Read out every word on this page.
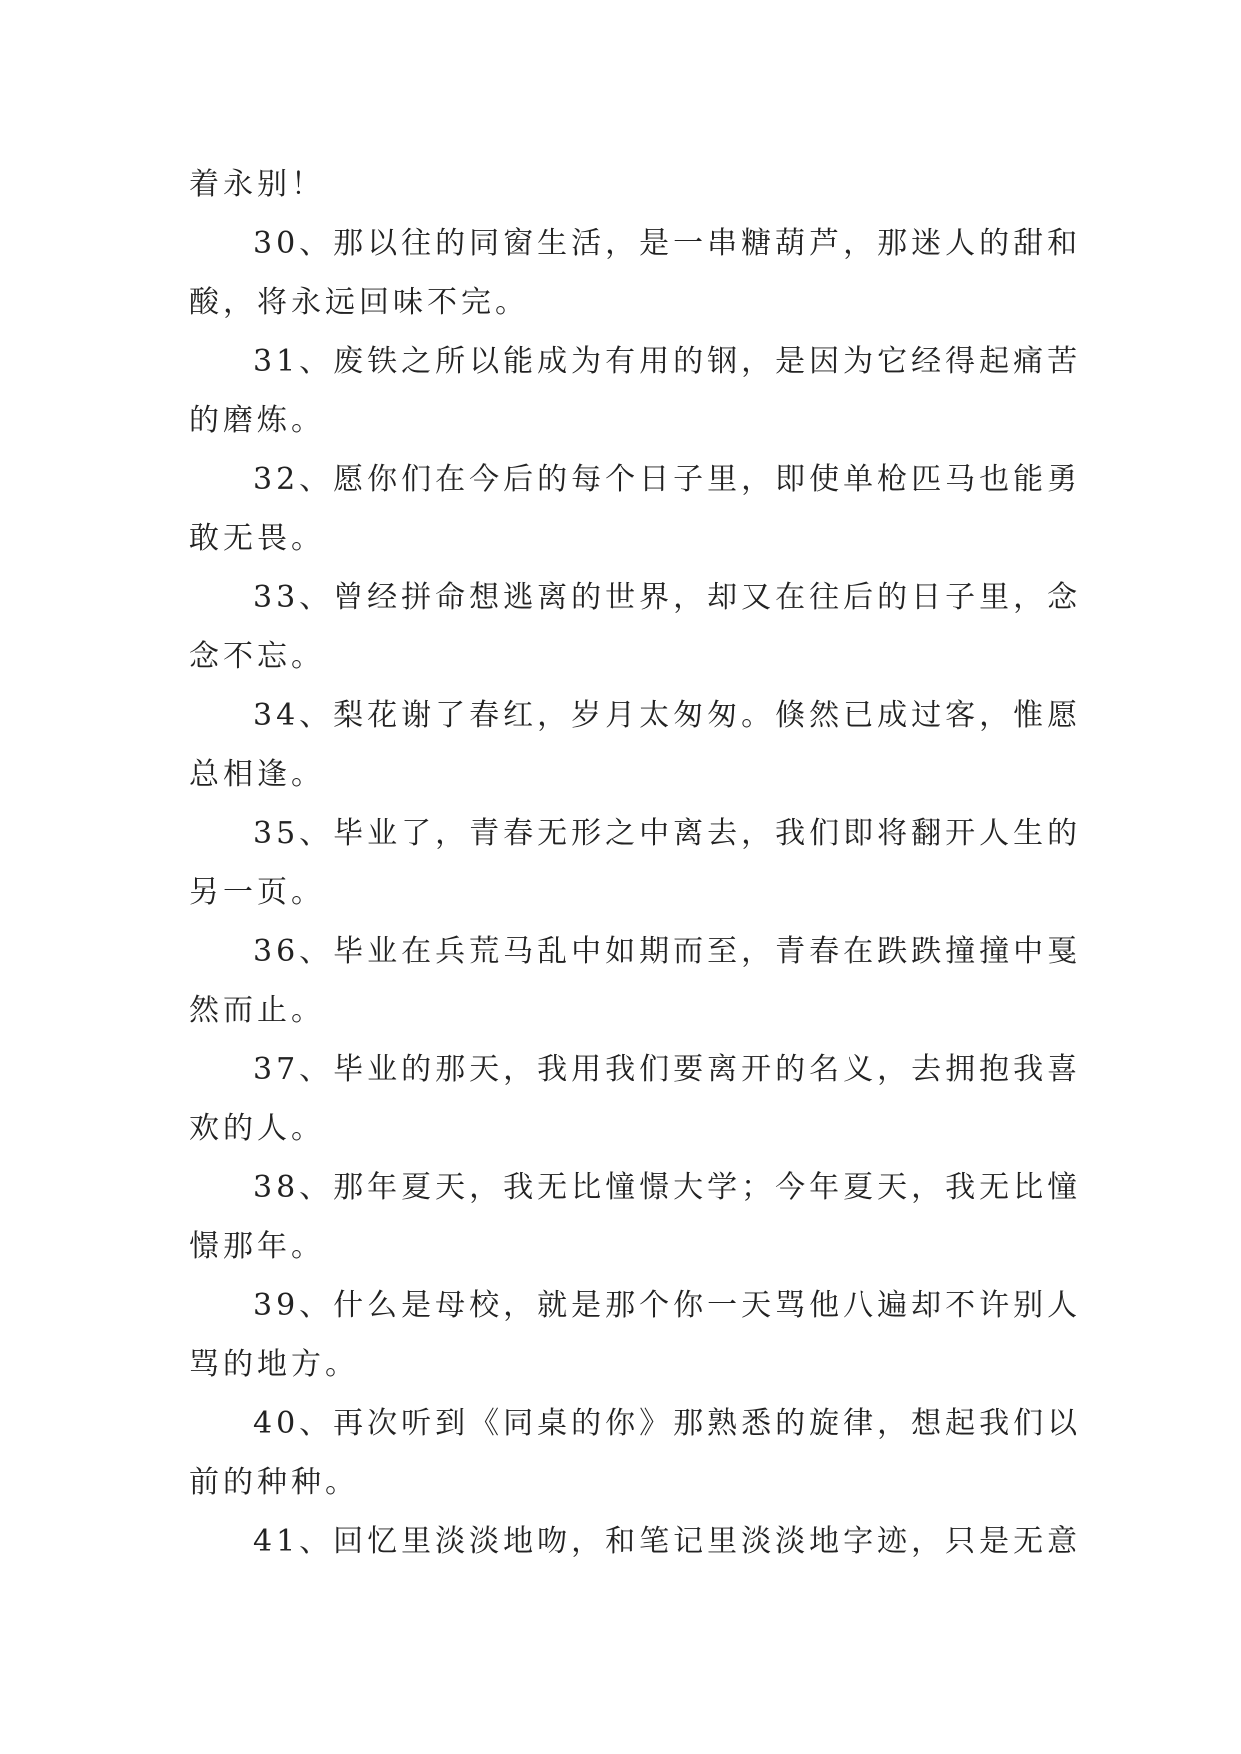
着永别！
30、那以往的同窗生活，是一串糖葫芦，那迷人的甜和
酸，将永远回味不完。
31、废铁之所以能成为有用的钢，是因为它经得起痛苦
的磨炼。
32、愿你们在今后的每个日子里，即使单枪匹马也能勇
敢无畏。
33、曾经拼命想逃离的世界，却又在往后的日子里，念
念不忘。
34、梨花谢了春红，岁月太匆匆。倏然已成过客，惟愿
总相逢。
35、毕业了，青春无形之中离去，我们即将翻开人生的
另一页。
36、毕业在兵荒马乱中如期而至，青春在跌跌撞撞中戛
然而止。
37、毕业的那天，我用我们要离开的名义，去拥抱我喜
欢的人。
38、那年夏天，我无比憧憬大学；今年夏天，我无比憧
憬那年。
39、什么是母校，就是那个你一天骂他八遍却不许别人
骂的地方。
40、再次听到《同桌的你》那熟悉的旋律，想起我们以
前的种种。
41、回忆里淡淡地吻，和笔记里淡淡地字迹，只是无意
